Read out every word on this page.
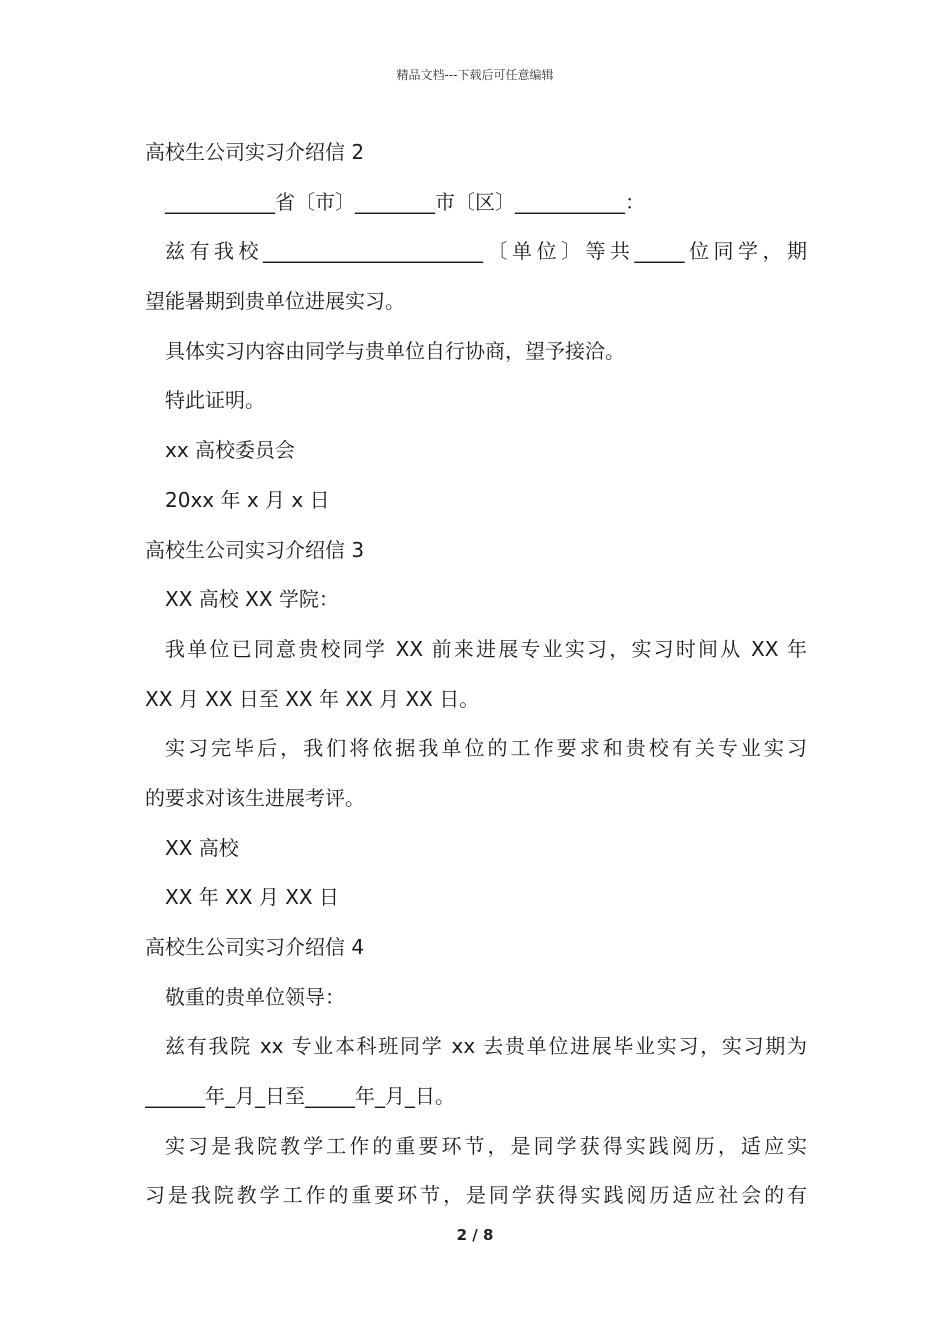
精品文档---下载后可任意编辑
高校生公司实习介绍信 2
___________省〔市〕________市〔区〕___________：
兹有我校______________________〔单位〕等共_____位同学，期
望能暑期到贵单位进展实习。
具体实习内容由同学与贵单位自行协商，望予接洽。
特此证明。
xx 高校委员会
20xx 年 x 月 x 日
高校生公司实习介绍信 3
XX 高校 XX 学院：
我单位已同意贵校同学 XX 前来进展专业实习，实习时间从 XX 年
XX 月 XX 日至 XX 年 XX 月 XX 日。
实习完毕后，我们将依据我单位的工作要求和贵校有关专业实习
的要求对该生进展考评。
XX 高校
XX 年 XX 月 XX 日
高校生公司实习介绍信 4
敬重的贵单位领导：
兹有我院 xx 专业本科班同学 xx 去贵单位进展毕业实习，实习期为
______年_月_日至_____年_月_日。
实习是我院教学工作的重要环节，是同学获得实践阅历，适应实
习是我院教学工作的重要环节，是同学获得实践阅历适应社会的有
2 / 8
